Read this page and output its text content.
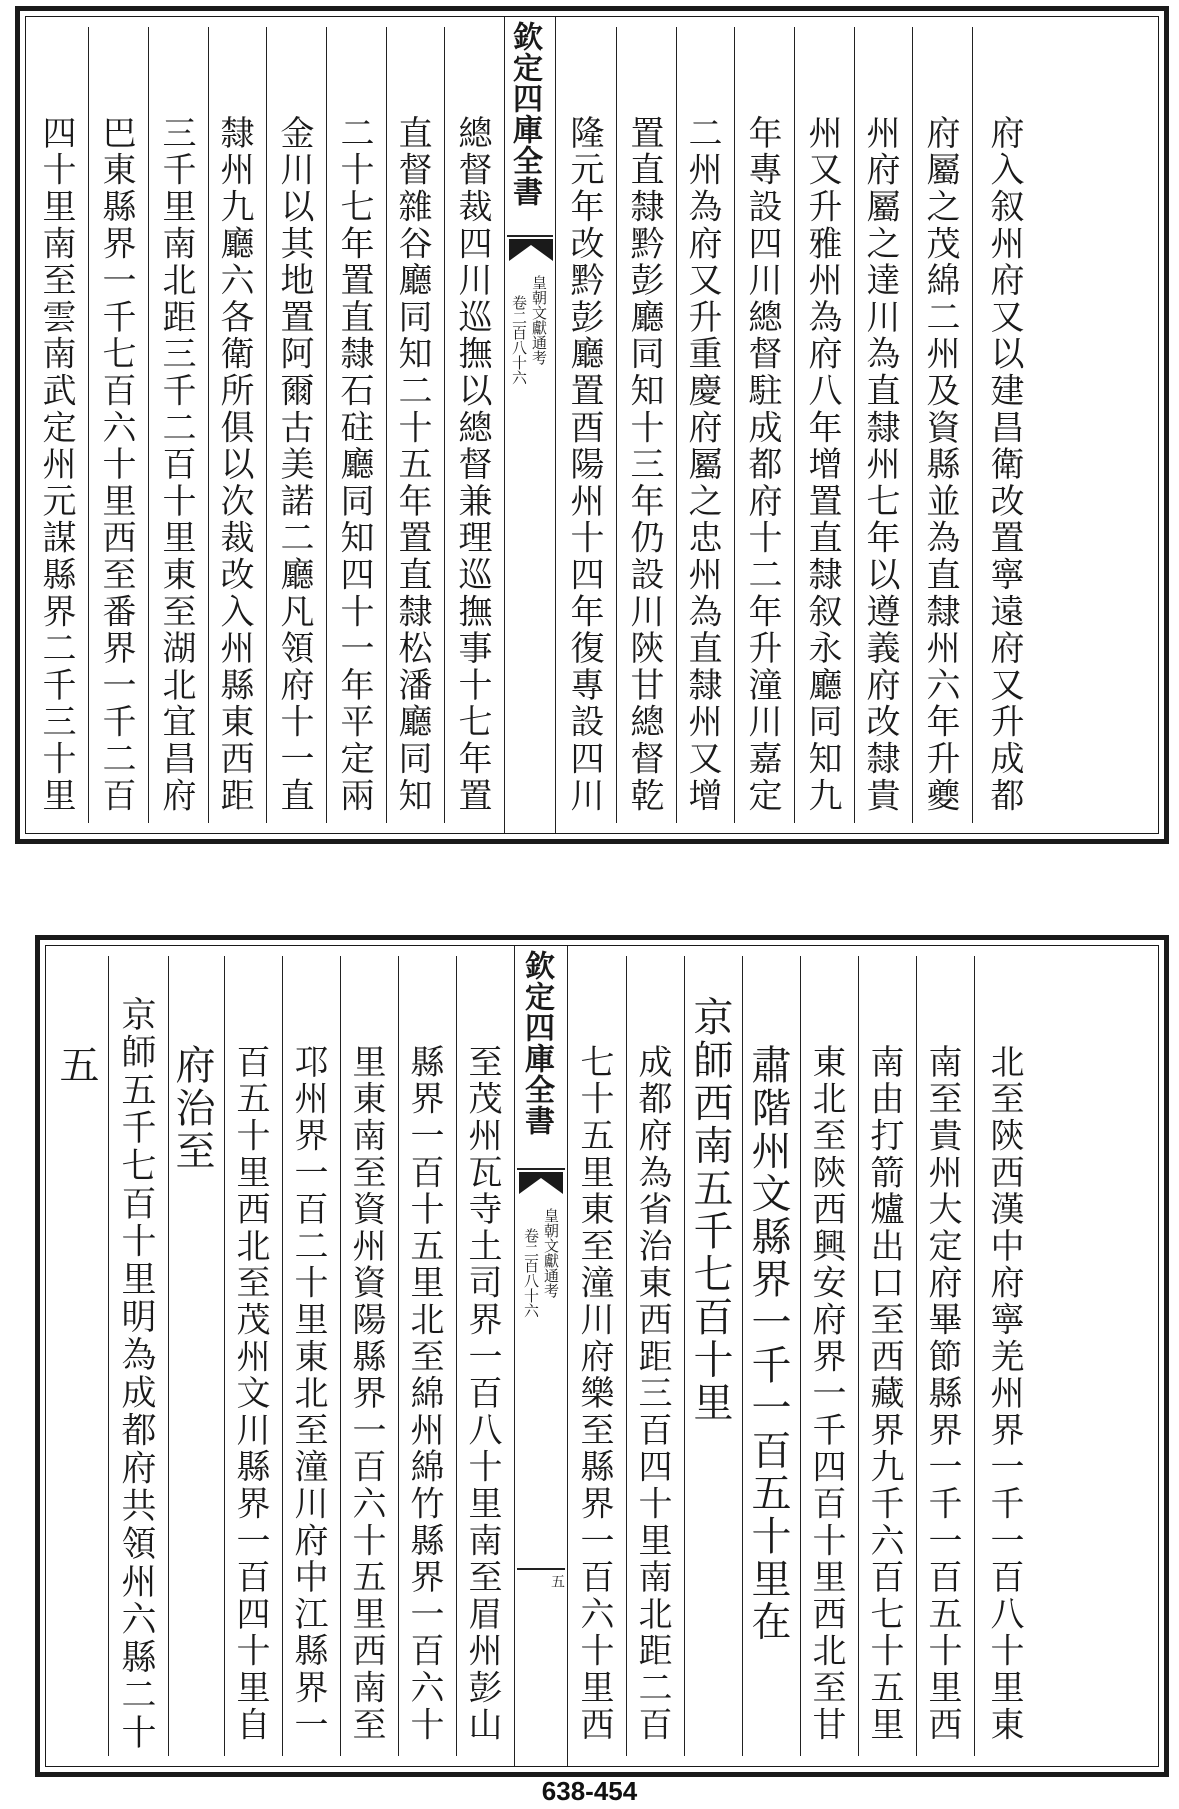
四十里南至雲南武定州元謀縣界二千三十里 巴東縣界一千七百六十里西至番界一千二百 三千里南北距三千二百十里東至湖北宜昌府 隸州九廳六各衛所俱以次裁改入州縣東西距 金川以其地置阿爾古美諾二廳凡領府十一直 二十七年置直隸石砫廳同知四十一年平定兩 直督雜谷廳同知二十五年置直隸松潘廳同知 總督裁四川巡撫以總督兼理巡撫事十七年置
欽定四庫全書
皇朝文獻通考
卷二百八十六 隆元年改黔彭廳置酉陽州十四年復專設四川 置直隸黔彭廳同知十三年仍設川陝甘總督乾 二州為府又升重慶府屬之忠州為直隸州又增 年專設四川總督駐成都府十二年升潼川嘉定 州又升雅州為府八年增置直隸叙永廳同知九 州府屬之達川為直隸州七年以遵義府改隸貴 府屬之茂綿二州及資縣並為直隸州六年升夔 府入叙州府又以建昌衛改置寧遠府又升成都
五 京師五千七百十里明為成都府共領州六縣二十 府治至 百五十里西北至茂州文川縣界一百四十里自 邛州界一百二十里東北至潼川府中江縣界一 里東南至資州資陽縣界一百六十五里西南至 縣界一百十五里北至綿州綿竹縣界一百六十 至茂州瓦寺土司界一百八十里南至眉州彭山
欽定四庫全書
皇朝文獻通考
卷二百八十六
五 七十五里東至潼川府樂至縣界一百六十里西 成都府為省治東西距三百四十里南北距二百 京師西南五千七百十里 肅階州文縣界一千一百五十里在 東北至陝西興安府界一千四百十里西北至甘 南由打箭爐出口至西藏界九千六百七十五里 南至貴州大定府畢節縣界一千一百五十里西 北至陝西漢中府寧羌州界一千一百八十里東
638-454
